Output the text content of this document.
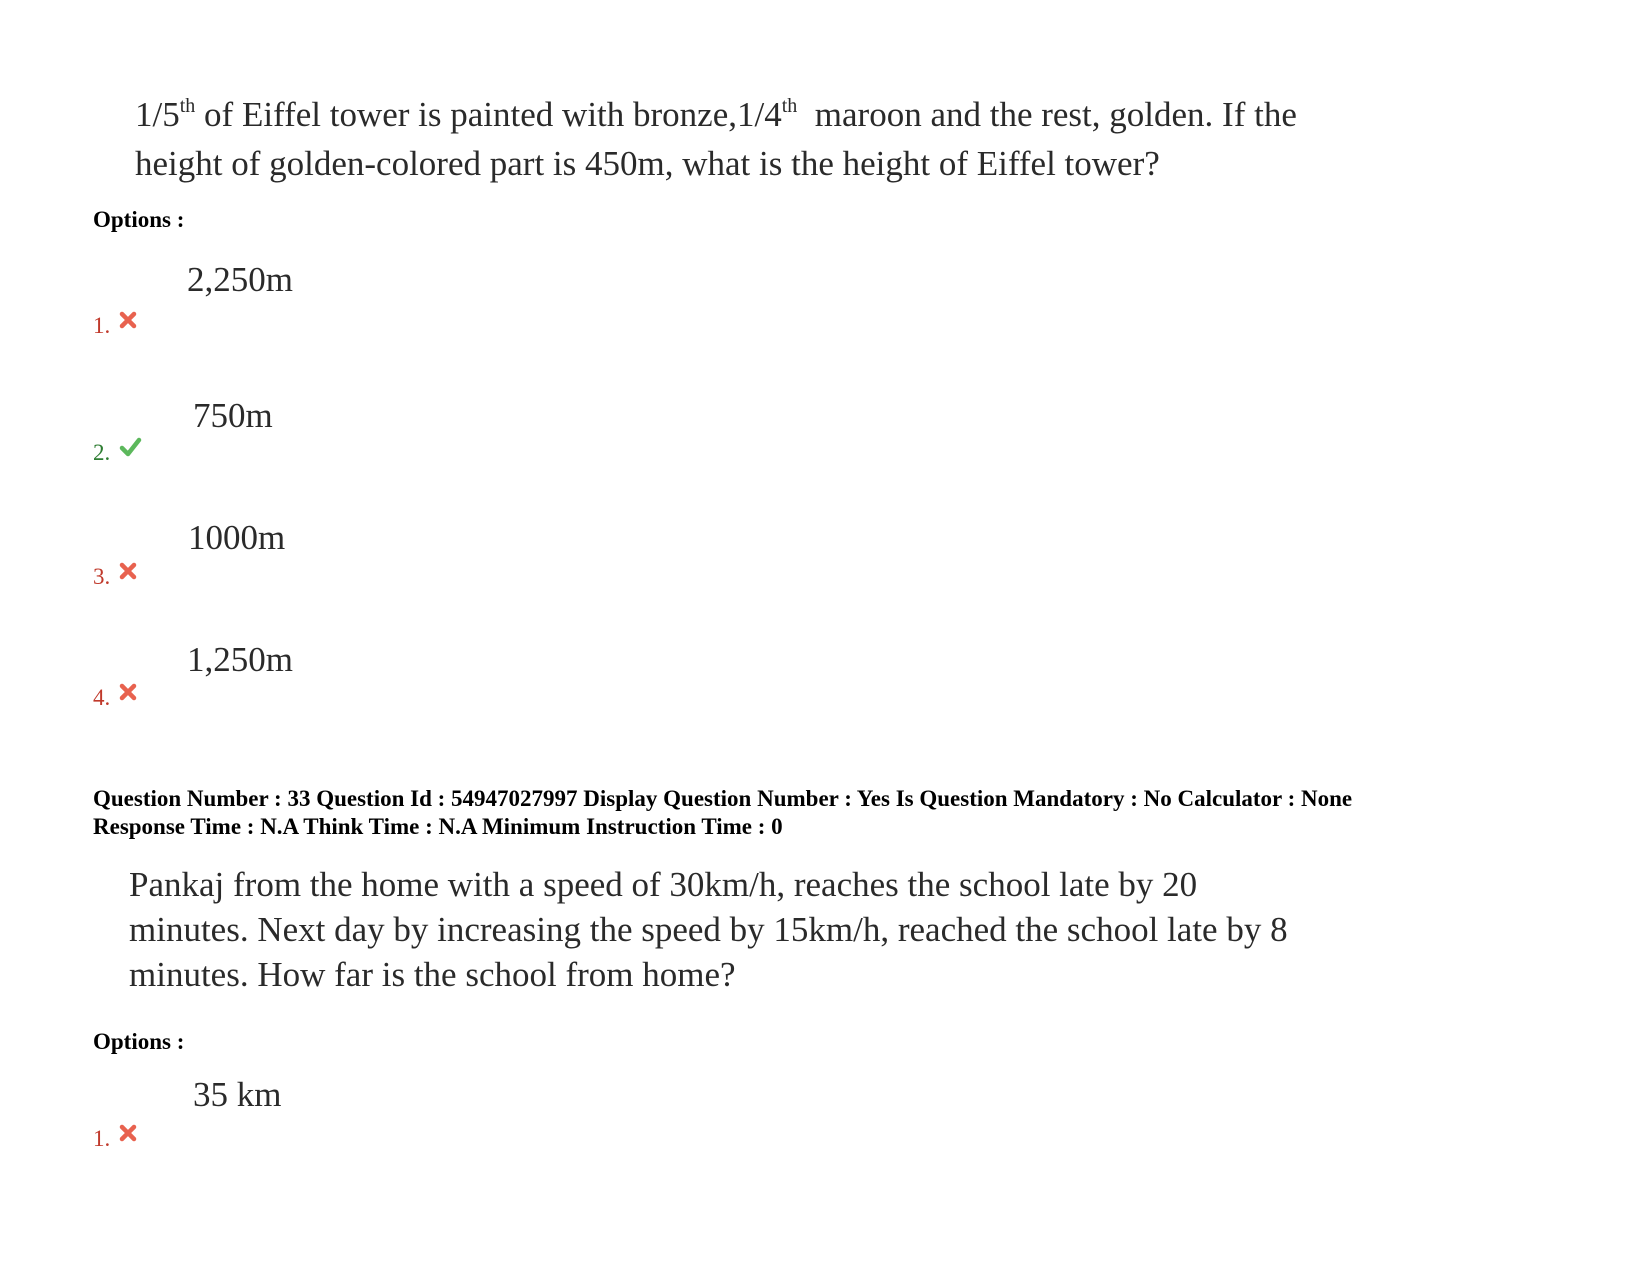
1/5th of Eiffel tower is painted with bronze,1/4th  maroon and the rest, golden. If the
height of golden-colored part is 450m, what is the height of Eiffel tower?
Options :
2,250m
1.
750m
2.
1000m
3.
1,250m
4.
Question Number : 33 Question Id : 54947027997 Display Question Number : Yes Is Question Mandatory : No Calculator : None
Response Time : N.A Think Time : N.A Minimum Instruction Time : 0
Pankaj from the home with a speed of 30km/h, reaches the school late by 20
minutes. Next day by increasing the speed by 15km/h, reached the school late by 8
minutes. How far is the school from home?
Options :
35 km
1.
